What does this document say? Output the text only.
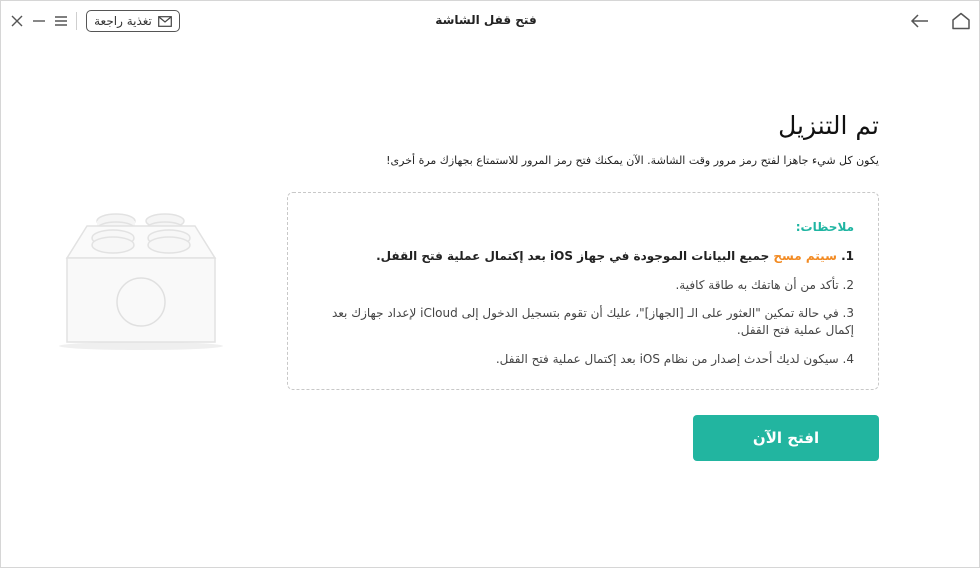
تغذية راجعة	فتح قفل الشاشة
تم التنزيل
يكون كل شيء جاهزا لفتح رمز مرور وقت الشاشة. الآن يمكنك فتح رمز المرور للاستمتاع بجهازك مرة أخرى!
ملاحظات:
1. سيتم مسح جميع البيانات الموجودة في جهاز iOS بعد إكتمال عملية فتح القفل.
2. تأكد من أن هاتفك به طاقة كافية.
3. في حالة تمكين "العثور على الـ [الجهاز]"، عليك أن تقوم بتسجيل الدخول إلى iCloud لإعداد جهازك بعد إكمال عملية فتح القفل.
4. سيكون لديك أحدث إصدار من نظام iOS بعد إكتمال عملية فتح القفل.
افتح الآن
